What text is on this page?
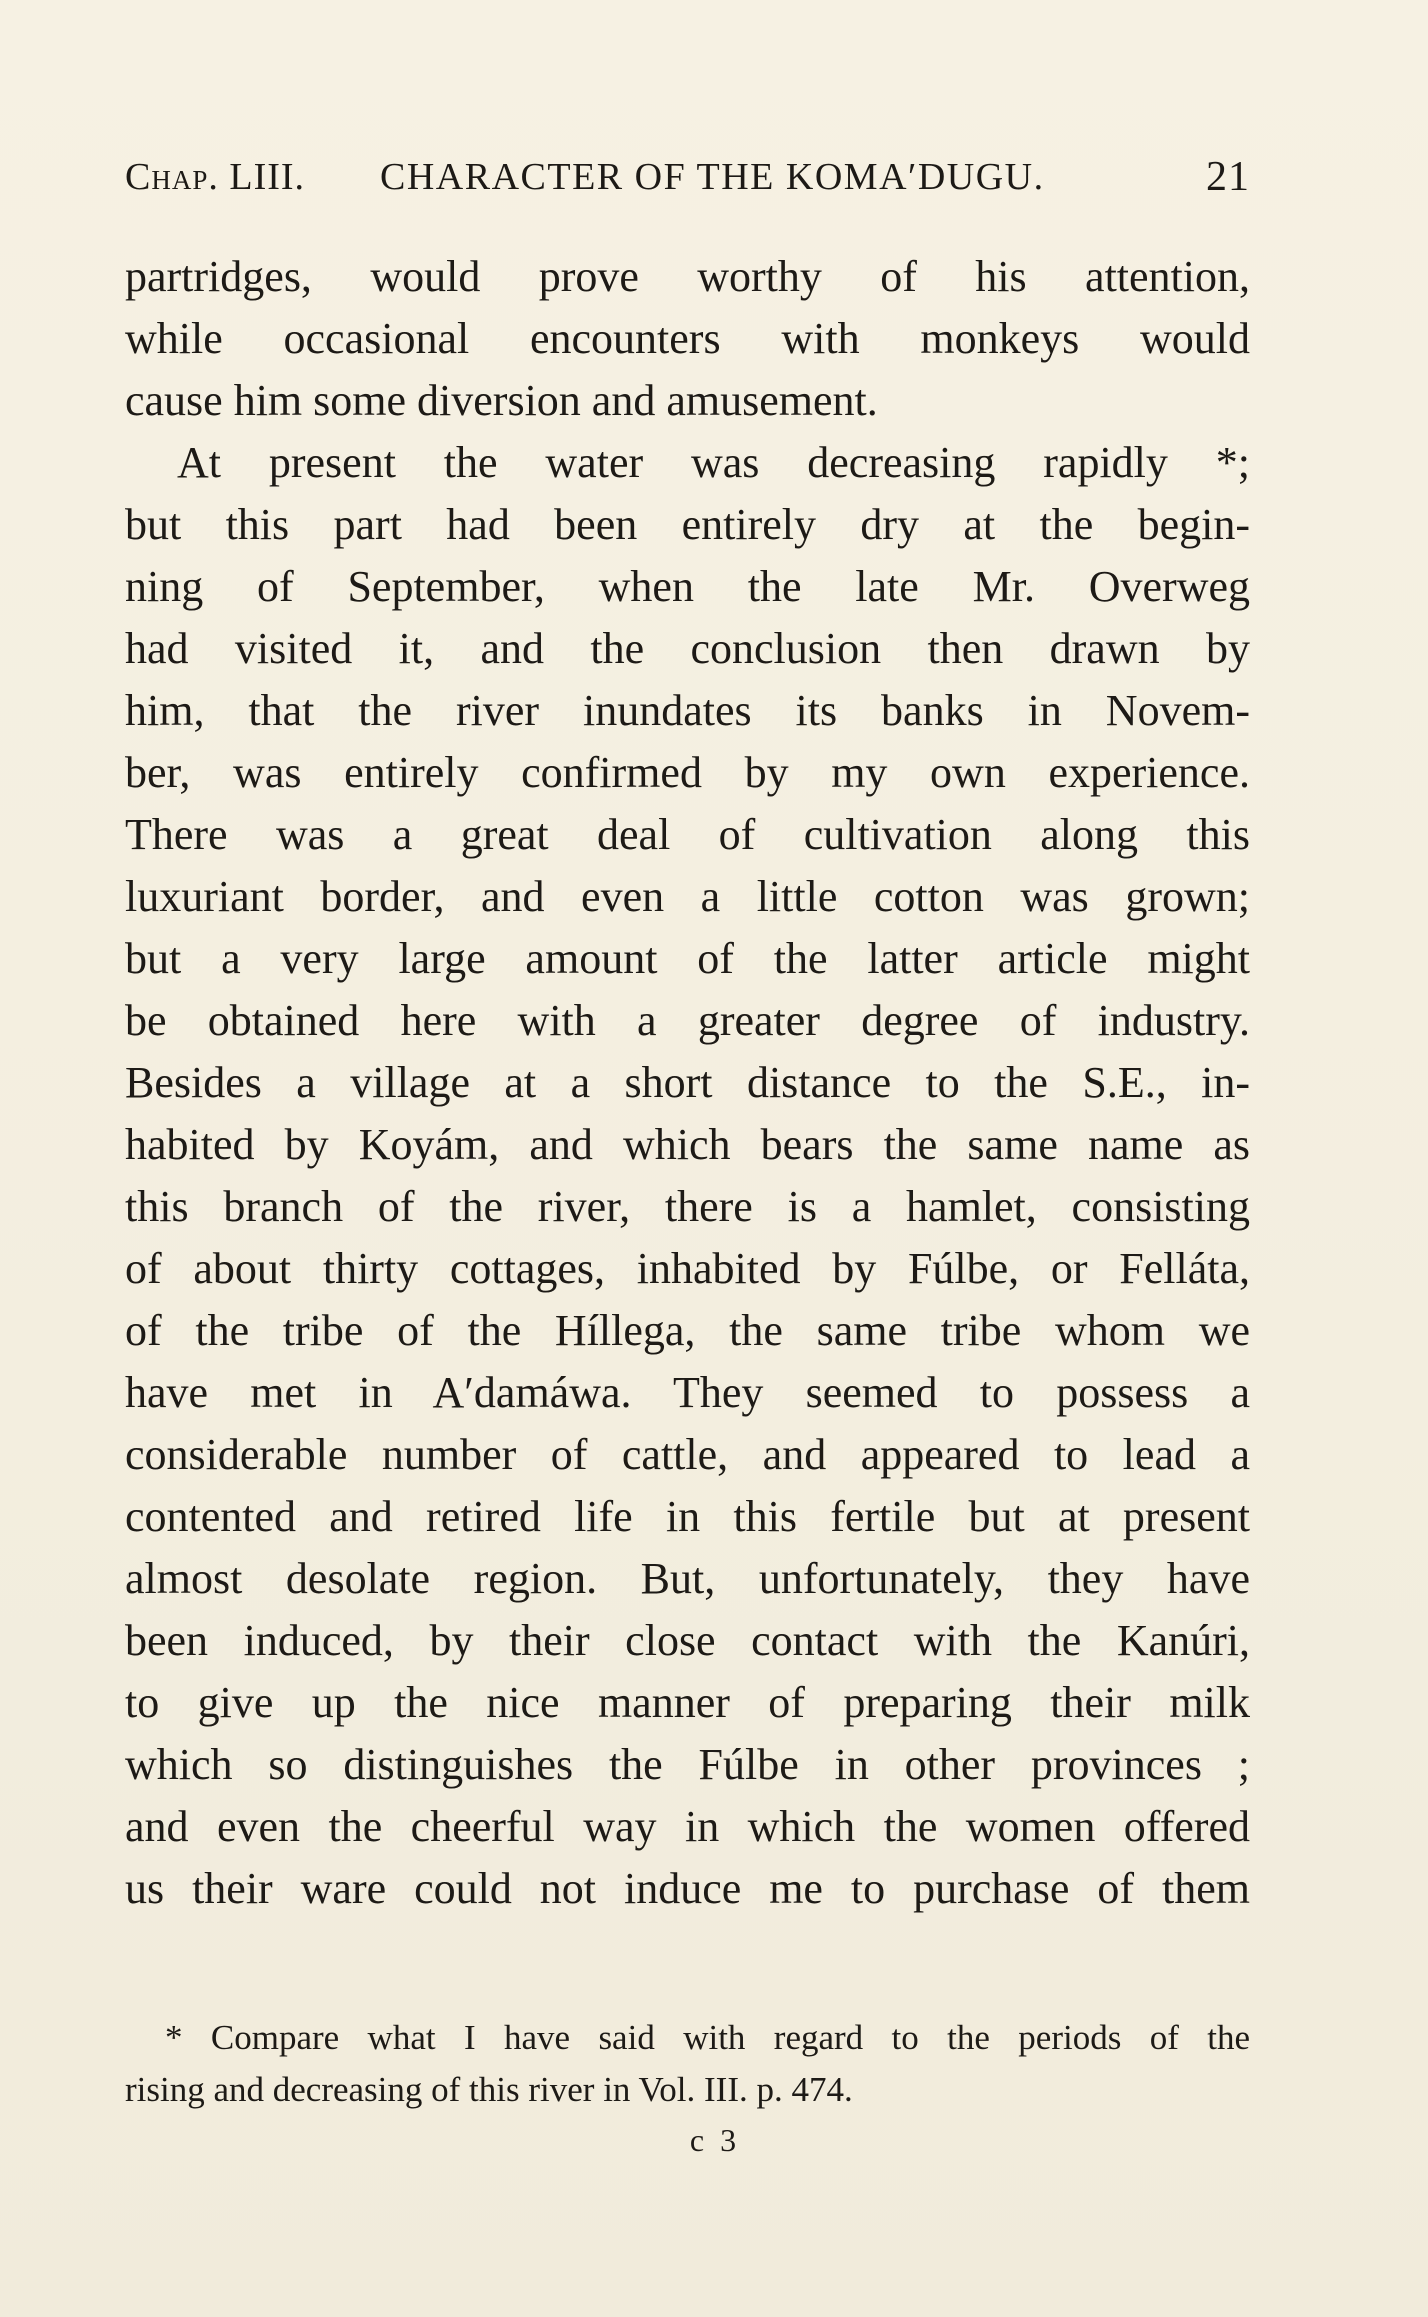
Chap. LIII. CHARACTER OF THE KOMA′DUGU.	21
partridges, would prove worthy of his attention,
while occasional encounters with monkeys would
cause him some diversion and amusement.
At present the water was decreasing rapidly *;
but this part had been entirely dry at the begin-
ning of September, when the late Mr. Overweg
had visited it, and the conclusion then drawn by
him, that the river inundates its banks in Novem-
ber, was entirely confirmed by my own experience.
There was a great deal of cultivation along this
luxuriant border, and even a little cotton was grown;
but a very large amount of the latter article might
be obtained here with a greater degree of industry.
Besides a village at a short distance to the S.E., in-
habited by Koyám, and which bears the same name as
this branch of the river, there is a hamlet, consisting
of about thirty cottages, inhabited by Fúlbe, or Felláta,
of the tribe of the Híllega, the same tribe whom we
have met in A′damáwa. They seemed to possess a
considerable number of cattle, and appeared to lead a
contented and retired life in this fertile but at present
almost desolate region. But, unfortunately, they have
been induced, by their close contact with the Kanúri,
to give up the nice manner of preparing their milk
which so distinguishes the Fúlbe in other provinces ;
and even the cheerful way in which the women offered
us their ware could not induce me to purchase of them
* Compare what I have said with regard to the periods of the
rising and decreasing of this river in Vol. III. p. 474.
c 3
